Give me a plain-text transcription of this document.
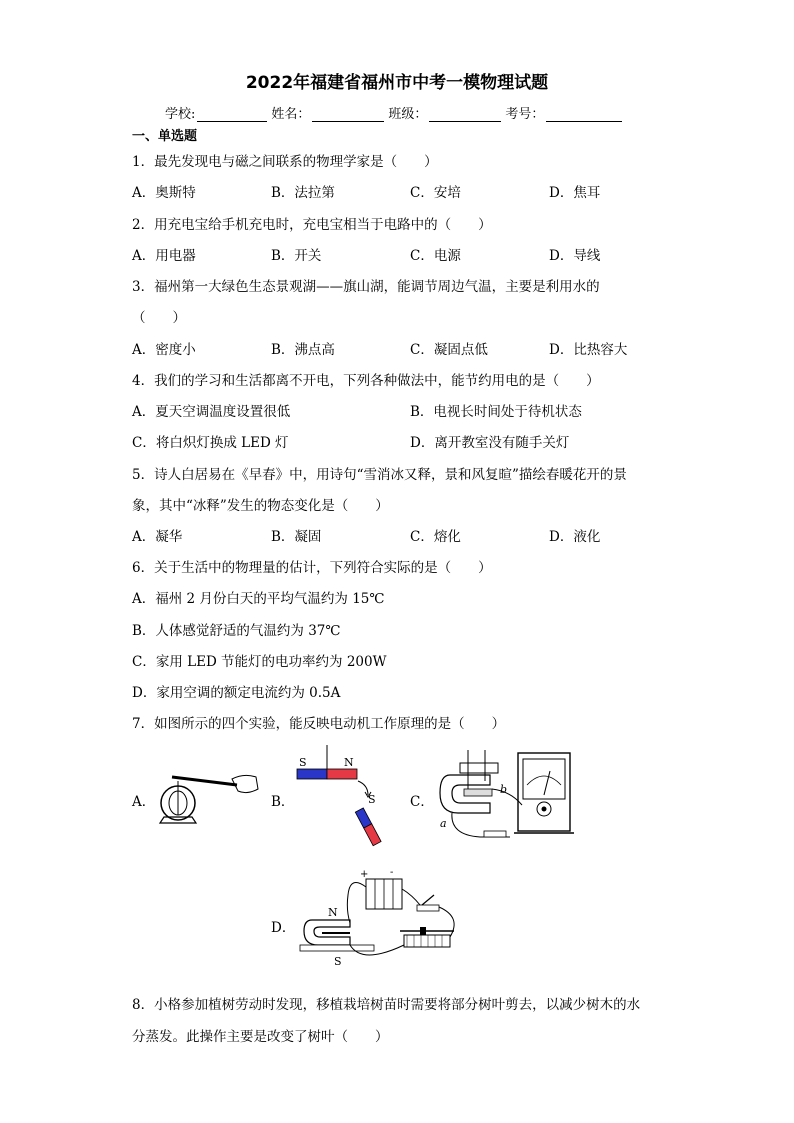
2022年福建省福州市中考一模物理试题
学校:	姓名：	班级：	考号：
一、单选题
1．最先发现电与磁之间联系的物理学家是（　　）
A．奥斯特	B．法拉第	C．安培	D．焦耳
2．用充电宝给手机充电时，充电宝相当于电路中的（　　）
A．用电器	B．开关	C．电源	D．导线
3．福州第一大绿色生态景观湖——旗山湖，能调节周边气温，主要是利用水的
（　　）
A．密度小	B．沸点高	C．凝固点低	D．比热容大
4．我们的学习和生活都离不开电，下列各种做法中，能节约用电的是（　　）
A．夏天空调温度设置很低	B．电视长时间处于待机状态
C．将白炽灯换成 LED 灯	D．离开教室没有随手关灯
5．诗人白居易在《早春》中，用诗句“雪消冰又释，景和风复暄”描绘春暖花开的景
象，其中“冰释”发生的物态变化是（　　）
A．凝华	B．凝固	C．熔化	D．液化
6．关于生活中的物理量的估计，下列符合实际的是（　　）
A．福州 2 月份白天的平均气温约为 15℃
B．人体感觉舒适的气温约为 37℃
C．家用 LED 节能灯的电功率约为 200W
D．家用空调的额定电流约为 0.5A
7．如图所示的四个实验，能反映电动机工作原理的是（　　）
A．	B．
S	N
S	C．
a
b
D．
+ -
N
S
8．小格参加植树劳动时发现，移植栽培树苗时需要将部分树叶剪去，以减少树木的水
分蒸发。此操作主要是改变了树叶（　　）
